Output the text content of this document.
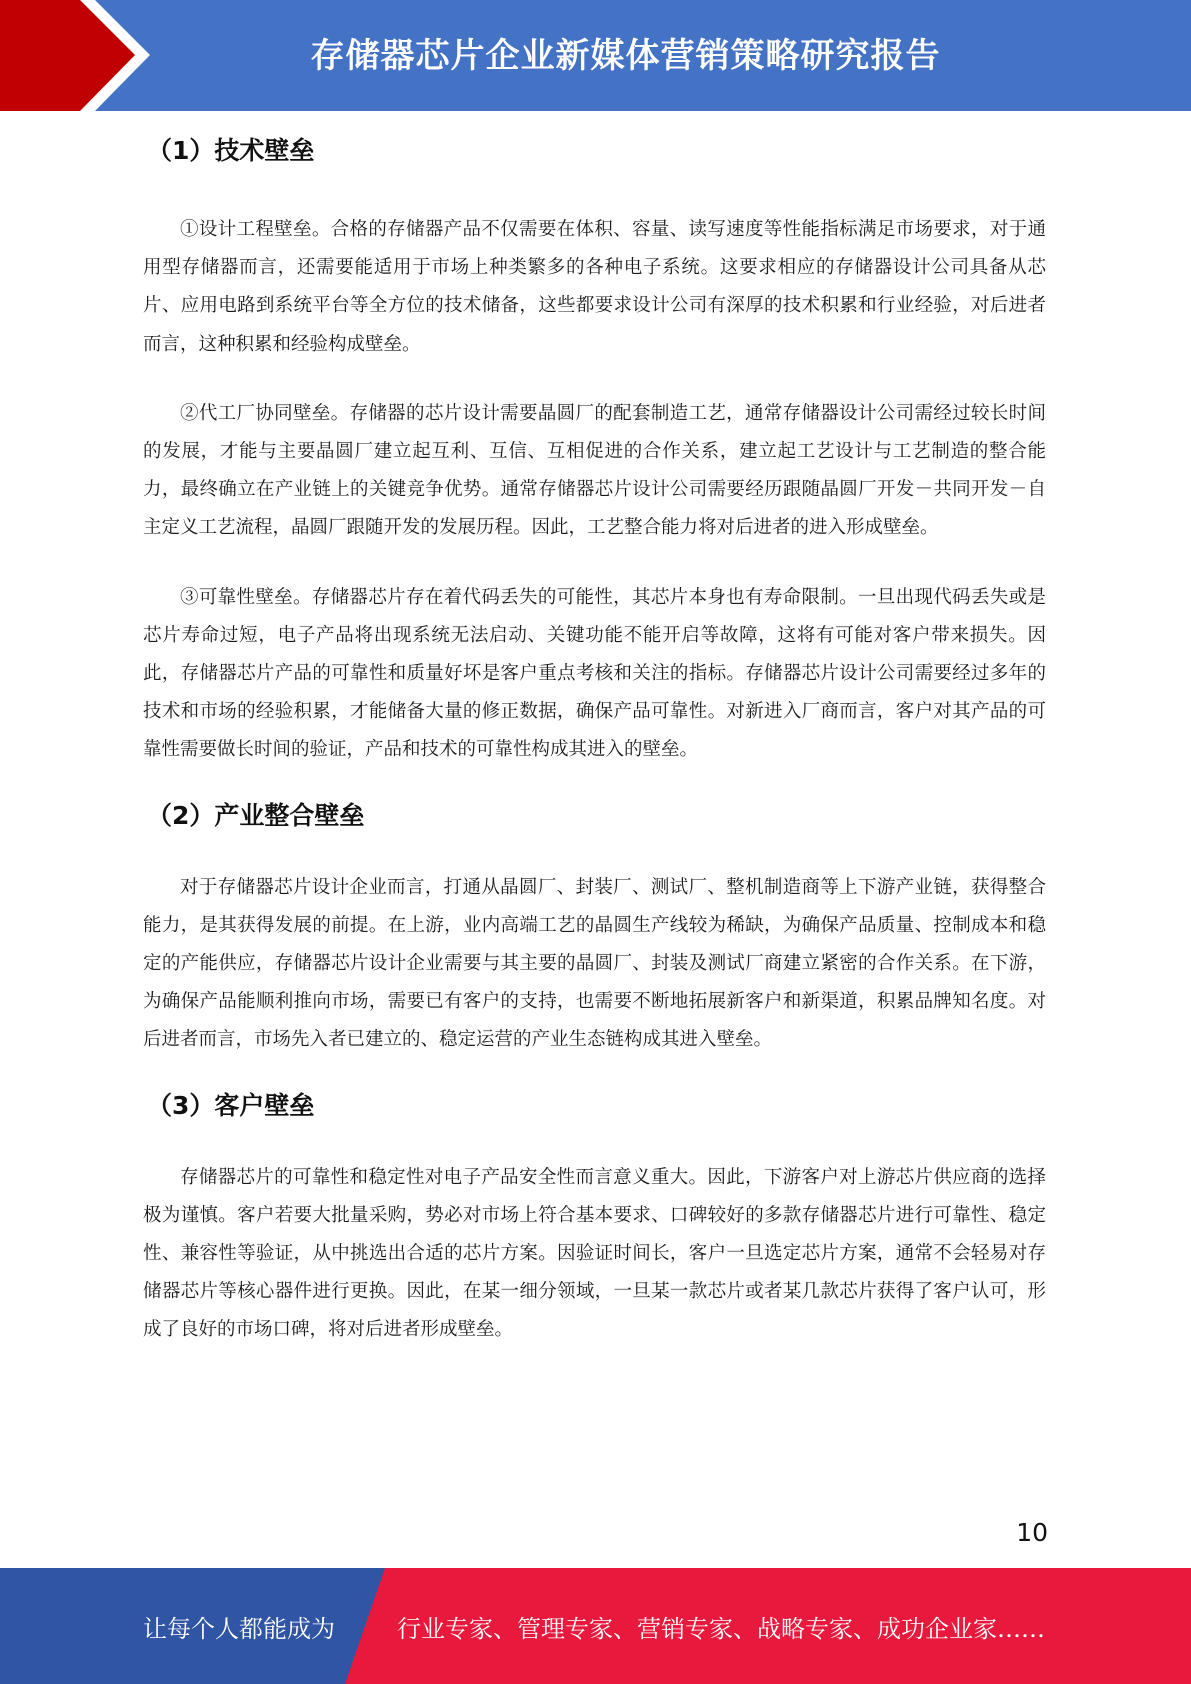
存储器芯片企业新媒体营销策略研究报告
（1）技术壁垒

①设计工程壁垒。合格的存储器产品不仅需要在体积、容量、读写速度等性能指标满足市场要求，对于通用型存储器而言，还需要能适用于市场上种类繁多的各种电子系统。这要求相应的存储器设计公司具备从芯片、应用电路到系统平台等全方位的技术储备，这些都要求设计公司有深厚的技术积累和行业经验，对后进者而言，这种积累和经验构成壁垒。

②代工厂协同壁垒。存储器的芯片设计需要晶圆厂的配套制造工艺，通常存储器设计公司需经过较长时间的发展，才能与主要晶圆厂建立起互利、互信、互相促进的合作关系，建立起工艺设计与工艺制造的整合能力，最终确立在产业链上的关键竞争优势。通常存储器芯片设计公司需要经历跟随晶圆厂开发－共同开发－自主定义工艺流程，晶圆厂跟随开发的发展历程。因此，工艺整合能力将对后进者的进入形成壁垒。

③可靠性壁垒。存储器芯片存在着代码丢失的可能性，其芯片本身也有寿命限制。一旦出现代码丢失或是芯片寿命过短，电子产品将出现系统无法启动、关键功能不能开启等故障，这将有可能对客户带来损失。因此，存储器芯片产品的可靠性和质量好坏是客户重点考核和关注的指标。存储器芯片设计公司需要经过多年的技术和市场的经验积累，才能储备大量的修正数据，确保产品可靠性。对新进入厂商而言，客户对其产品的可靠性需要做长时间的验证，产品和技术的可靠性构成其进入的壁垒。

（2）产业整合壁垒

对于存储器芯片设计企业而言，打通从晶圆厂、封装厂、测试厂、整机制造商等上下游产业链，获得整合能力，是其获得发展的前提。在上游，业内高端工艺的晶圆生产线较为稀缺，为确保产品质量、控制成本和稳定的产能供应，存储器芯片设计企业需要与其主要的晶圆厂、封装及测试厂商建立紧密的合作关系。在下游，为确保产品能顺利推向市场，需要已有客户的支持，也需要不断地拓展新客户和新渠道，积累品牌知名度。对后进者而言，市场先入者已建立的、稳定运营的产业生态链构成其进入壁垒。

（3）客户壁垒

存储器芯片的可靠性和稳定性对电子产品安全性而言意义重大。因此，下游客户对上游芯片供应商的选择极为谨慎。客户若要大批量采购，势必对市场上符合基本要求、口碑较好的多款存储器芯片进行可靠性、稳定性、兼容性等验证，从中挑选出合适的芯片方案。因验证时间长，客户一旦选定芯片方案，通常不会轻易对存储器芯片等核心器件进行更换。因此，在某一细分领域，一旦某一款芯片或者某几款芯片获得了客户认可，形成了良好的市场口碑，将对后进者形成壁垒。

10
让每个人都能成为	行业专家、管理专家、营销专家、战略专家、成功企业家……
